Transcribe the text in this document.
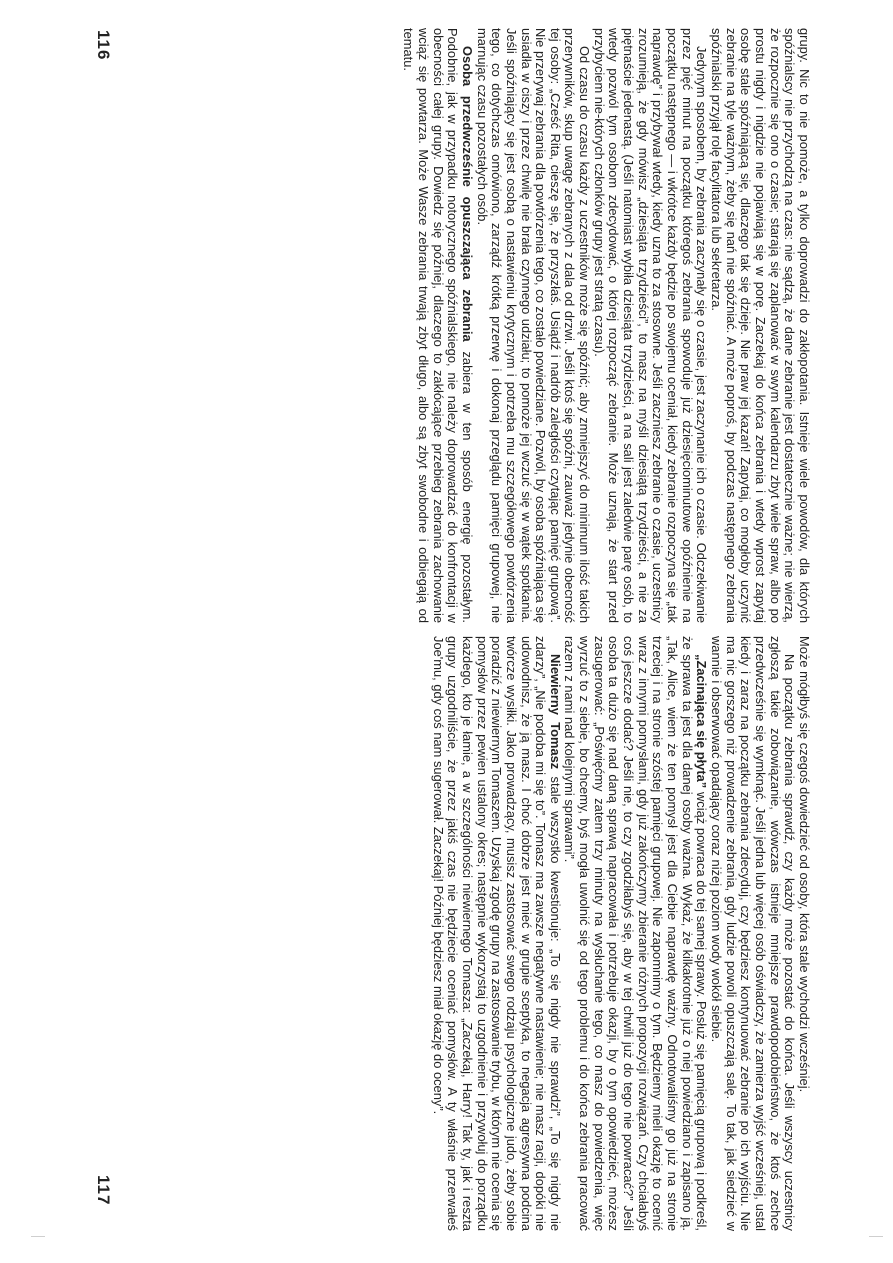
grupy. Nic to nie pomoże, a tylko doprowadzi do zakłopotania. Istnieje wiele powodów, dla których spóźnialscy nie przychodzą na czas: nie sądzą, że dane zebranie jest dostatecznie ważne; nie wierzą, że rozpocznie się ono o czasie; starają się zaplanować w swym kalendarzu zbyt wiele spraw, albo po prostu nigdy i nigdzie nie pojawiają się w porę. Zaczekaj do końca zebrania i wtedy wprost zapytaj osobę stale spóźniającą się, dlaczego tak się dzieje. Nie praw jej kazań! Zapytaj, co mogłoby uczynić zebranie na tyle ważnym, żeby się nań nie spóźniać. A może poproś, by podczas następnego zebrania spóźnialski przyjął rolę facylitatora lub sekretarza.

Jedynym sposobem, by zebrania zaczynały się o czasie, jest zaczynanie ich o czasie. Odczekiwanie przez pięć minut na początku któregoś zebrania spowoduje już dziesięciominutowe opóźnienie na początku następnego — i wkrótce każdy będzie po swojemu oceniał, kiedy zebranie rozpoczyna się „tak naprawdę” i przybywał wtedy, kiedy uzna to za stosowne. Jeśli zaczniesz zebranie o czasie, uczestnicy zrozumieją, że gdy mówisz „dziesiąta trzydzieści”, to masz na myśli dziesiątą trzydzieści, a nie za piętnaście jedenastą. (Jeśli natomiast wybiła dziesiąta trzydzieści, a na sali jest zaledwie parę osób, to wtedy pozwól tym osobom zdecydować, o której rozpocząć zebranie. Może uznają, że start przed przybyciem nie-których członków grupy jest stratą czasu).

Od czasu do czasu każdy z uczestników może się spóźnić; aby zmniejszyć do minimum ilość takich przerywników, skup uwagę zebranych z dala od drzwi. Jeśli ktoś się spóźni, zauważ jedynie obecność tej osoby: „Cześć Rita, cieszę się, że przyszłaś. Usiądź i nadrób zaległości czytając pamięć grupową”. Nie przerywaj zebrania dla powtórzenia tego, co zostało powiedziane. Pozwól, by osoba spóźniająca się usiadła w ciszy i przez chwilę nie brała czynnego udziału; to pomoże jej wczuć się w wątek spotkania. Jeśli spóźniający się jest osobą o nastawieniu krytycznym i potrzeba mu szczegółowego powtórzenia tego, co dotychczas omówiono, zarządź krótką przerwę i dokonaj przeglądu pamięci grupowej, nie marnując czasu pozostałych osób.

Osoba przedwcześnie opuszczająca zebrania zabiera w ten sposób energię pozostałym. Podobnie, jak w przypadku notorycznego spóźnialskiego, nie należy doprowadzać do konfrontacji w obecności całej grupy. Dowiedz się później, dlaczego to zakłócające przebieg zebrania zachowanie wciąż się powtarza. Może Wasze zebrania trwają zbyt długo, albo są zbyt swobodne i odbiegają od tematu.

Może mógłbyś się czegoś dowiedzieć od osoby, która stale wychodzi wcześniej.

Na początku zebrania sprawdź, czy każdy może pozostać do końca. Jeśli wszyscy uczestnicy zgłoszą takie zobowiązanie, wówczas istnieje mniejsze prawdopodobieństwo, że ktoś zechce przedwcześnie się wymknąć. Jeśli jedna lub więcej osób oświadczy, że zamierza wyjść wcześniej, ustal kiedy i zaraz na początku zebrania zdecyduj, czy będziesz kontynuować zebranie po ich wyjściu. Nie ma nic gorszego niż prowadzenie zebrania, gdy ludzie powoli opuszczają salę. To tak, jak siedzieć w wannie i obserwować opadający coraz niżej poziom wody wokół siebie.

„Zacinająca się płyta” wciąż powraca do tej samej sprawy. Posłuż się pamięcią grupową i podkreśl, że sprawa ta jest dla danej osoby ważna. Wykaż, że kilkakrotnie już o niej powiedziano i zapisano ją. „Tak, Alice, wiem że ten pomysł jest dla Ciebie naprawdę ważny. Odnotowaliśmy go już na stronie trzeciej i na stronie szóstej pamięci grupowej. Nie zapomnimy o tym. Będziemy mieli okazję to ocenić wraz z innymi pomysłami, gdy już zakończymy zbieranie różnych propozycji rozwiązań. Czy chciałabyś coś jeszcze dodać? Jeśli nie, to czy zgodziłabyś się, aby w tej chwili już do tego nie powracać?” Jeśli osoba ta dużo się nad daną sprawą napracowała i potrzebuje okazji, by o tym opowiedzieć, możesz zasugerować: „Poświęćmy zatem trzy minuty na wysłuchanie tego, co masz do powiedzenia, więc wyrzuć to z siebie, bo chcemy, byś mogła uwolnić się od tego problemu i do końca zebrania pracować razem z nami nad kolejnymi sprawami”.

Niewierny Tomasz stale wszystko kwestionuje: „To się nigdy nie sprawdzi”, „To się nigdy nie zdarzy”, „Nie podoba mi się to”. Tomasz ma zawsze negatywne nastawienie; nie masz racji, dopóki nie udowodnisz, że ją masz. I choć dobrze jest mieć w grupie sceptyka, to negacja agresywna podcina twórcze wysiłki. Jako prowadzący, musisz zastosować swego rodzaju psychologiczne judo, żeby sobie poradzić z niewiernym Tomaszem. Uzyskaj zgodę grupy na zastosowanie trybu, w którym nie ocenia się pomysłów przez pewien ustalony okres; następnie wykorzystaj to uzgodnienie i przywołuj do porządku każdego, kto je łamie, a w szczególności niewiernego Tomasza: „Zaczekaj, Harry! Tak ty, jak i reszta grupy uzgodniliście, że przez jakiś czas nie będziecie oceniać pomysłów. A ty właśnie przerwałeś Joe'mu, gdy coś nam sugerował. Zaczekaj! Później będziesz miał okazję do oceny”.

116
117
